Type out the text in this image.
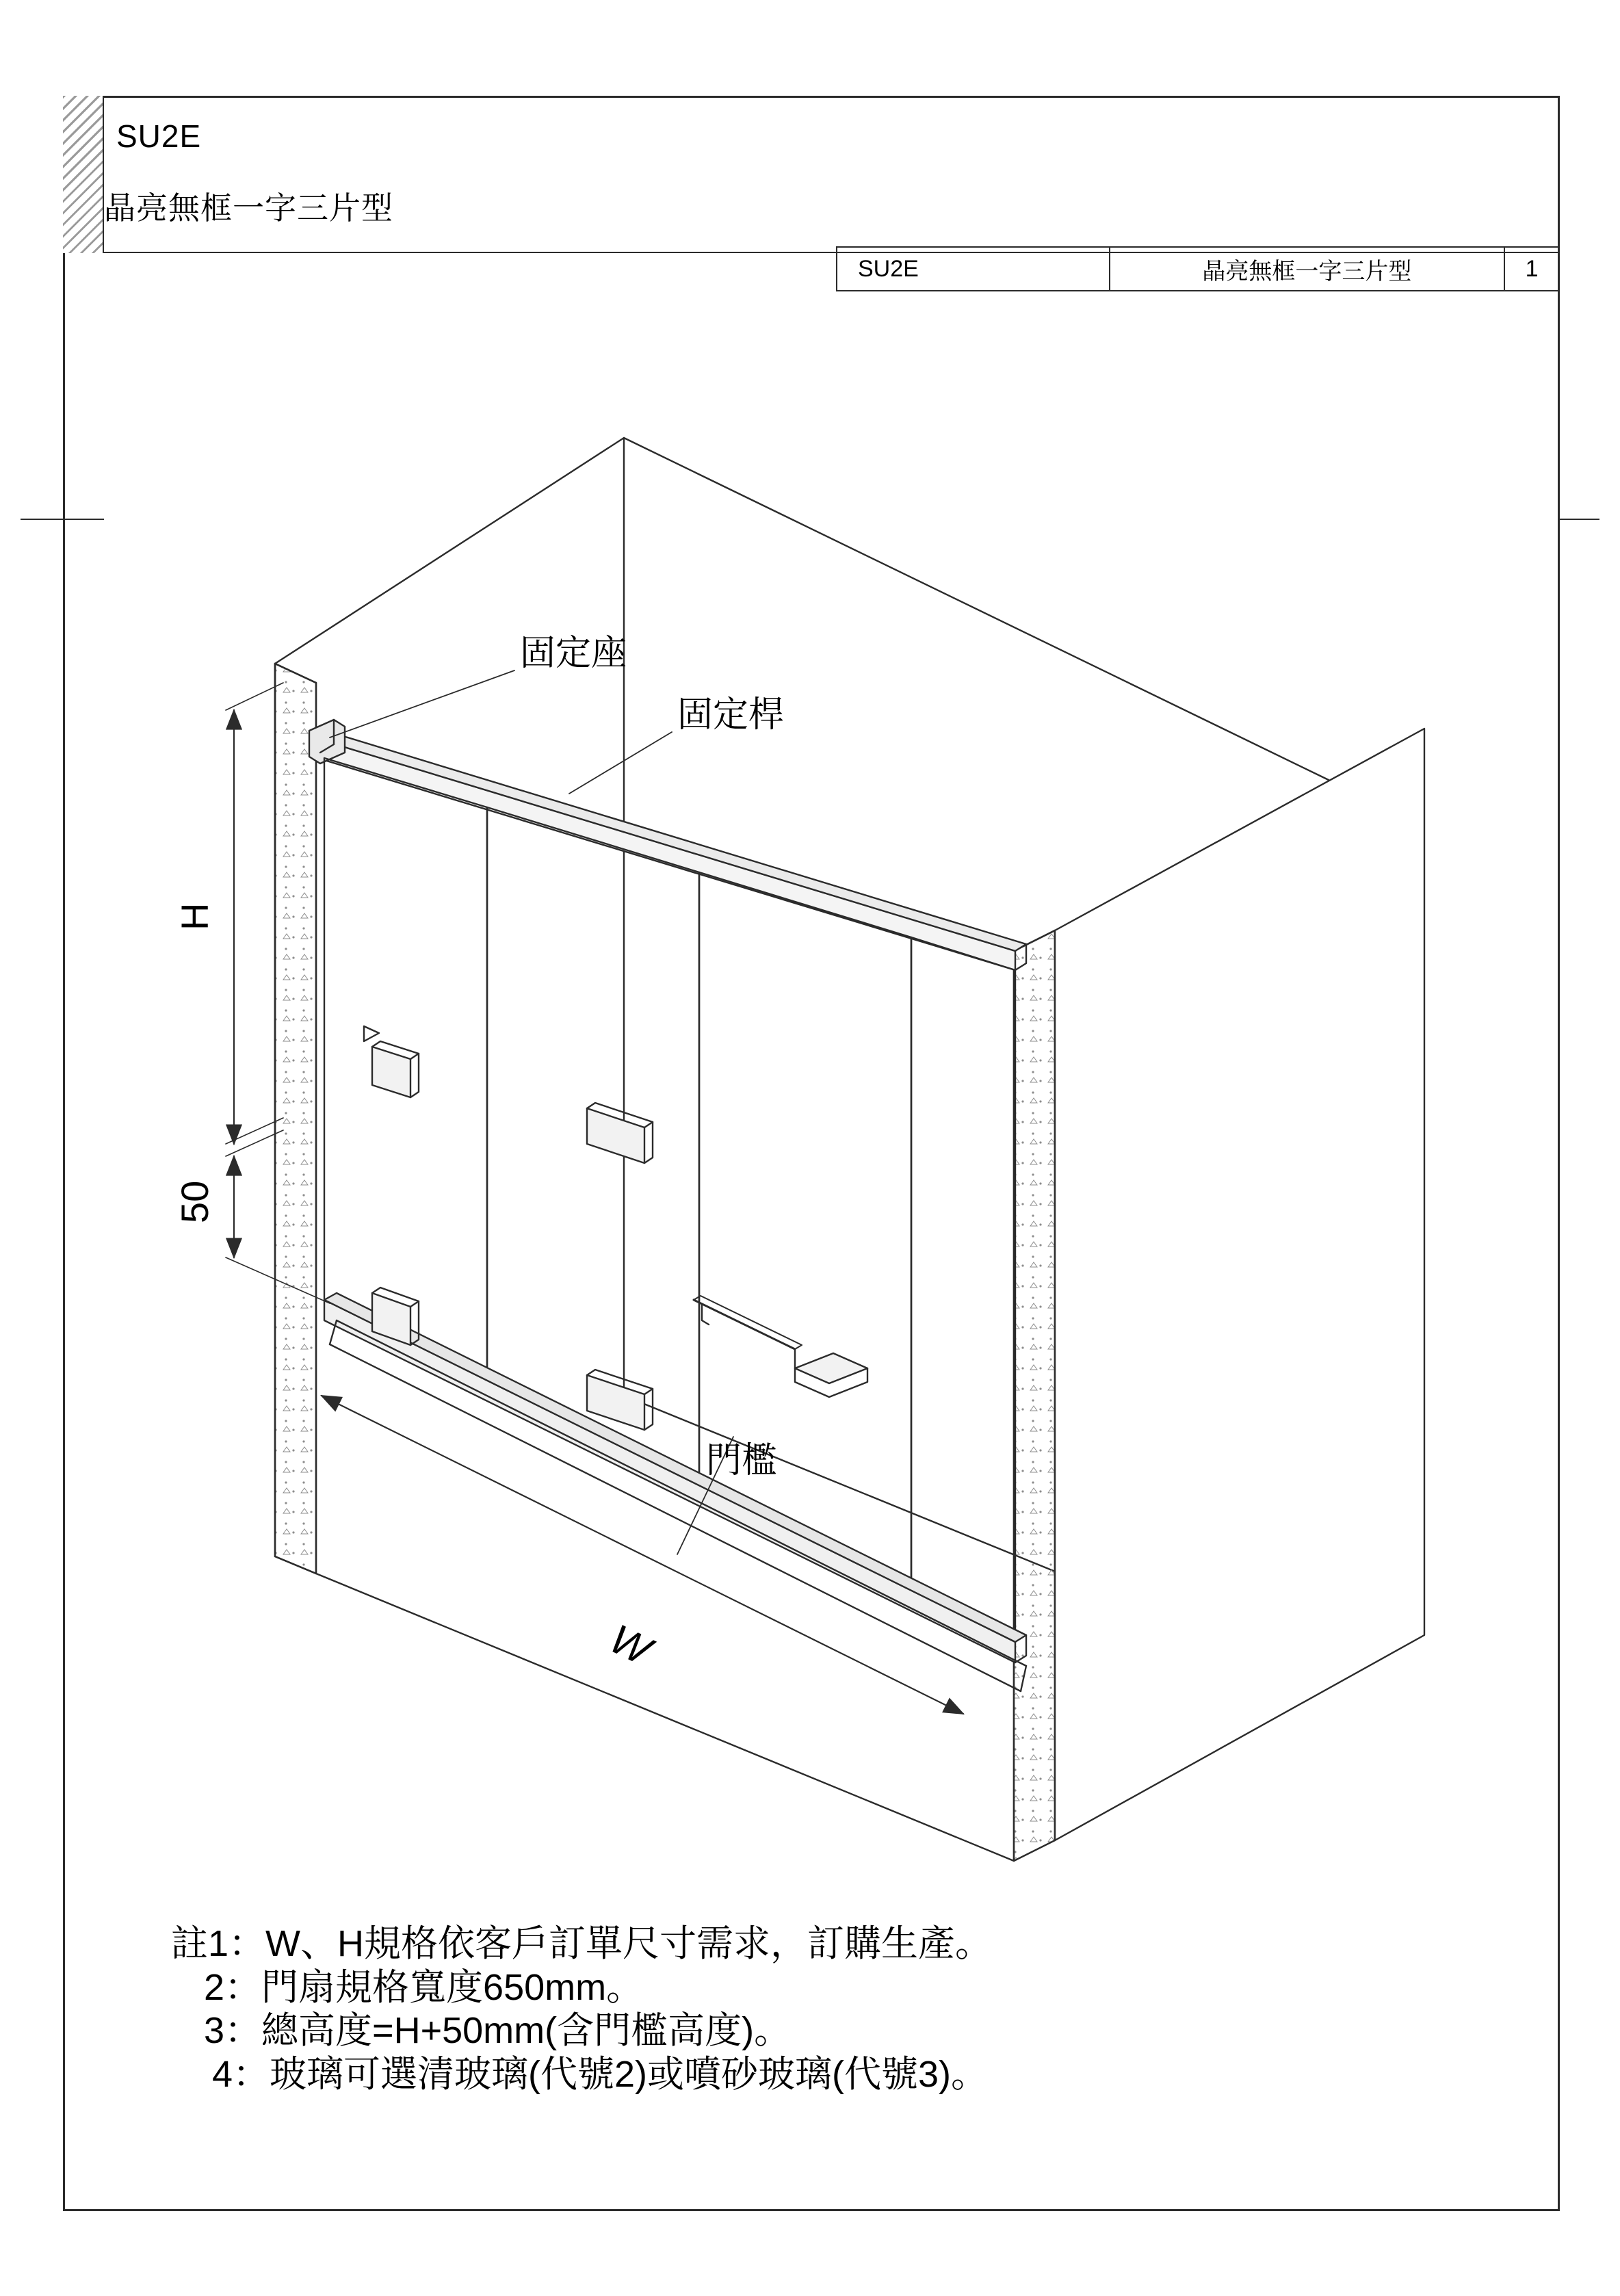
SU2E
晶亮無框一字三片型
SU2E	晶亮無框一字三片型	1
固定座
固定桿
門檻
H
50
W
註1：W、H規格依客戶訂單尺寸需求，訂購生產。
2：門扇規格寬度650mm。
3：總高度=H+50mm(含門檻高度)。
4：玻璃可選清玻璃(代號2)或噴砂玻璃(代號3)。
